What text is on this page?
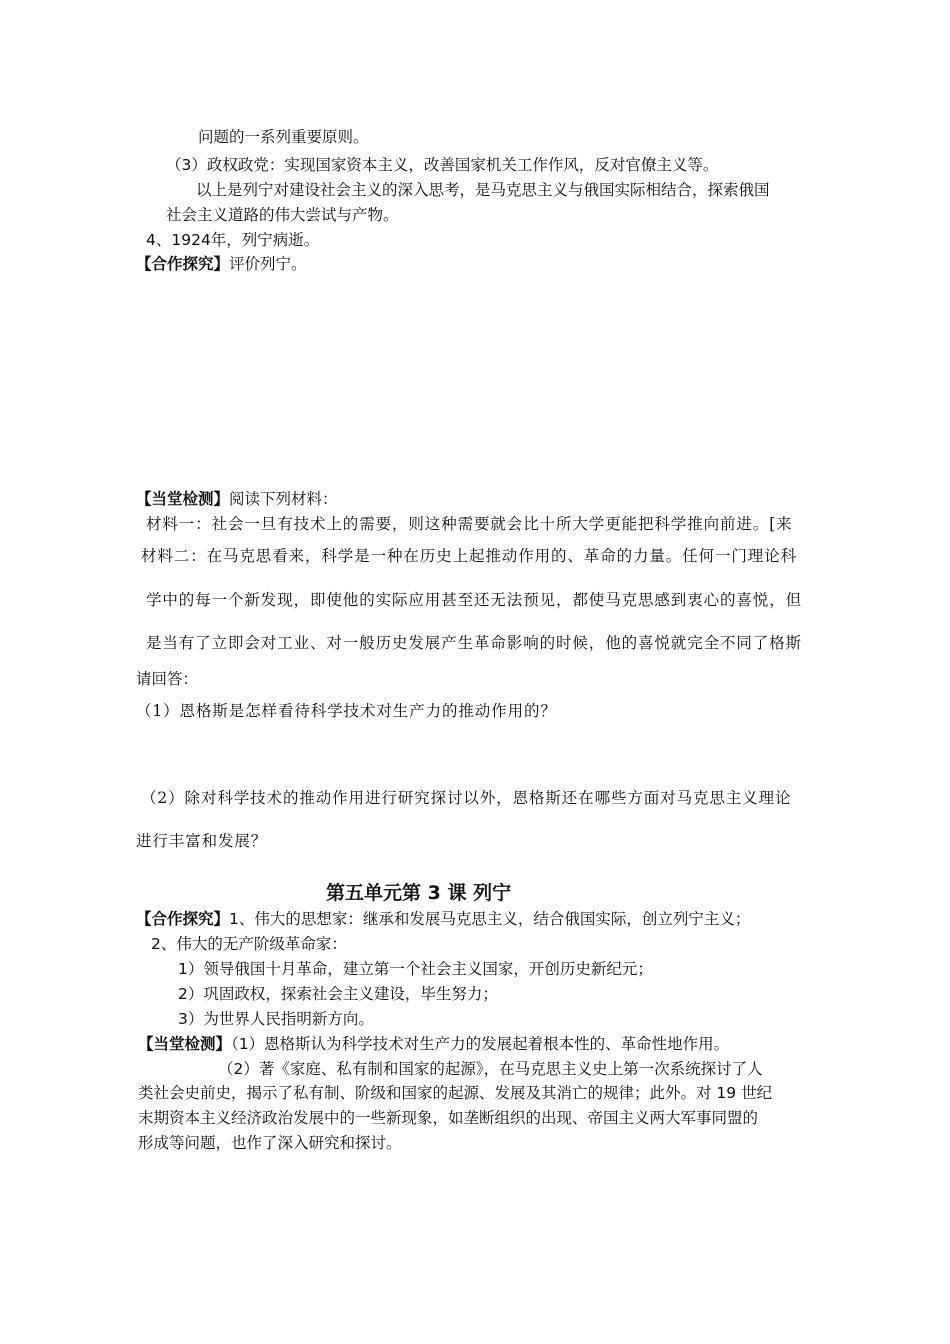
问题的一系列重要原则。
（3）政权政党：实现国家资本主义，改善国家机关工作作风，反对官僚主义等。
以上是列宁对建设社会主义的深入思考，是马克思主义与俄国实际相结合，探索俄国
社会主义道路的伟大尝试与产物。
4、1924年，列宁病逝。
【合作探究】评价列宁。
【当堂检测】阅读下列材料：
材料一：社会一旦有技术上的需要，则这种需要就会比十所大学更能把科学推向前进。[来
材料二：在马克思看来，科学是一种在历史上起推动作用的、革命的力量。任何一门理论科
学中的每一个新发现，即使他的实际应用甚至还无法预见，都使马克思感到衷心的喜悦，但
是当有了立即会对工业、对一般历史发展产生革命影响的时候，他的喜悦就完全不同了格斯
请回答：
（1）恩格斯是怎样看待科学技术对生产力的推动作用的？
（2）除对科学技术的推动作用进行研究探讨以外，恩格斯还在哪些方面对马克思主义理论
进行丰富和发展？
第五单元第 3 课 列宁
【合作探究】1、伟大的思想家：继承和发展马克思主义，结合俄国实际，创立列宁主义；
2、伟大的无产阶级革命家：
1）领导俄国十月革命，建立第一个社会主义国家，开创历史新纪元；
2）巩固政权，探索社会主义建设，毕生努力；
3）为世界人民指明新方向。
【当堂检测】（1）恩格斯认为科学技术对生产力的发展起着根本性的、革命性地作用。
（2）著《家庭、私有制和国家的起源》，在马克思主义史上第一次系统探讨了人
类社会史前史，揭示了私有制、阶级和国家的起源、发展及其消亡的规律；此外。对 19 世纪
末期资本主义经济政治发展中的一些新现象，如垄断组织的出现、帝国主义两大军事同盟的
形成等问题，也作了深入研究和探讨。
